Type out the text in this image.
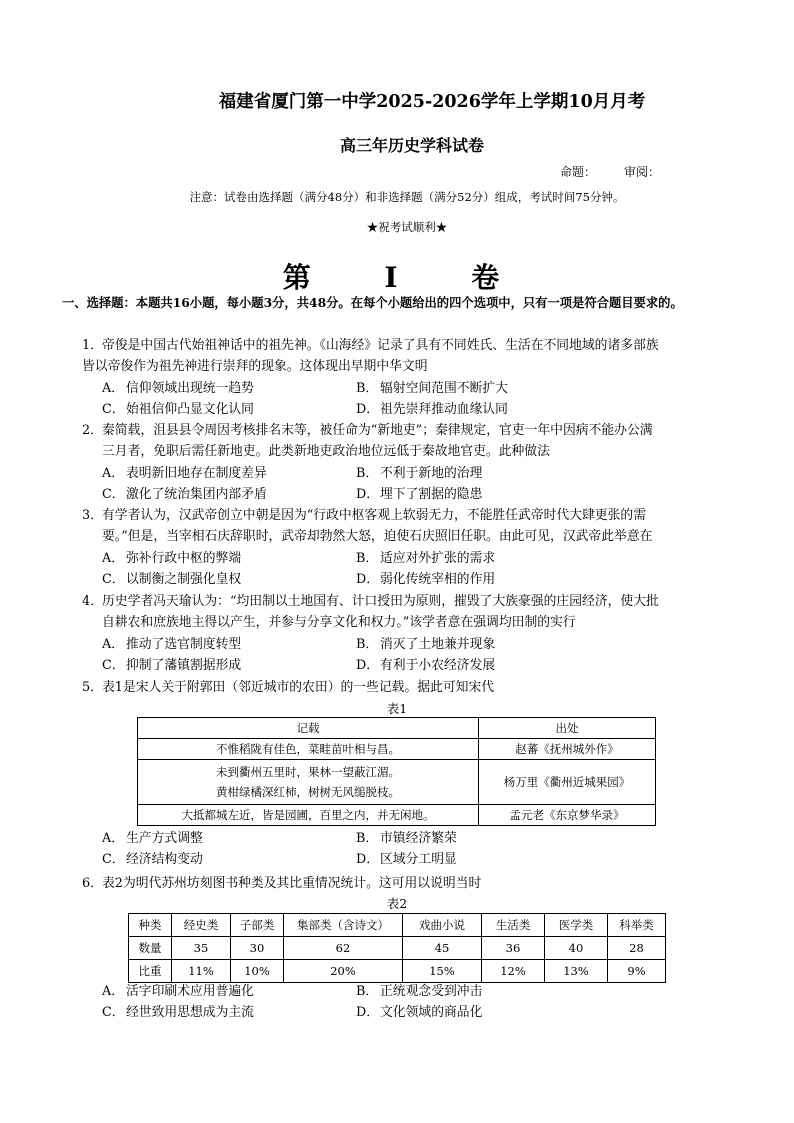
福建省厦门第一中学2025-2026学年上学期10月月考
高三年历史学科试卷
命题： 审阅：
注意：试卷由选择题（满分48分）和非选择题（满分52分）组成，考试时间75分钟。
★祝考试顺利★
第 Ⅰ 卷
一、选择题：本题共16小题，每小题3分，共48分。在每个小题给出的四个选项中，只有一项是符合题目要求的。
1． 帝俊是中国古代始祖神话中的祖先神。《山海经》记录了具有不同姓氏、生活在不同地域的诸多部族
皆以帝俊作为祖先神进行崇拜的现象。这体现出早期中华文明
A． 信仰领域出现统一趋势	B． 辐射空间范围不断扩大
C．始祖信仰凸显文化认同	D．祖先崇拜推动血缘认同
2． 秦简载，沮县县令周因考核排名末等，被任命为“新地吏”；秦律规定，官吏一年中因病不能办公满
三月者，免职后需任新地吏。此类新地吏政治地位远低于秦故地官吏。此种做法
A． 表明新旧地存在制度差异	B． 不利于新地的治理
C．激化了统治集团内部矛盾	D．埋下了割据的隐患
3． 有学者认为，汉武帝创立中朝是因为“行政中枢客观上软弱无力，不能胜任武帝时代大肆更张的需
要。”但是，当宰相石庆辞职时，武帝却勃然大怒，迫使石庆照旧任职。由此可见，汉武帝此举意在
A． 弥补行政中枢的弊端	B． 适应对外扩张的需求
C．以制衡之制强化皇权	D．弱化传统宰相的作用
4． 历史学者冯天瑜认为：“均田制以土地国有、计口授田为原则，摧毁了大族豪强的庄园经济，使大批
自耕农和庶族地主得以产生，并参与分享文化和权力。”该学者意在强调均田制的实行
A． 推动了选官制度转型	B． 消灭了土地兼并现象
C．抑制了藩镇割据形成	D．有利于小农经济发展
5． 表1是宋人关于附郭田（邻近城市的农田）的一些记载。据此可知宋代
表1
记载	出处
不惟稻陇有佳色，菜畦苗叶相与昌。	赵蕃《抚州城外作》

未到衢州五里时，果林一望蔽江湄。
黄柑绿橘深红柿，树树无风缒脱枝。	杨万里《衢州近城果园》
大抵都城左近，皆是园圃，百里之内，并无闲地。	孟元老《东京梦华录》
A． 生产方式调整	B． 市镇经济繁荣
C．经济结构变动	D．区域分工明显
6． 表2为明代苏州坊刻图书种类及其比重情况统计。这可用以说明当时
表2
种类	经史类	子部类	集部类（含诗文）	戏曲小说	生活类	医学类	科举类
数量	35	30	62	45	36	40	28
比重	11%	10%	20%	15%	12%	13%	9%
A． 活字印刷术应用普遍化	B． 正统观念受到冲击
C．经世致用思想成为主流	D．文化领域的商品化
